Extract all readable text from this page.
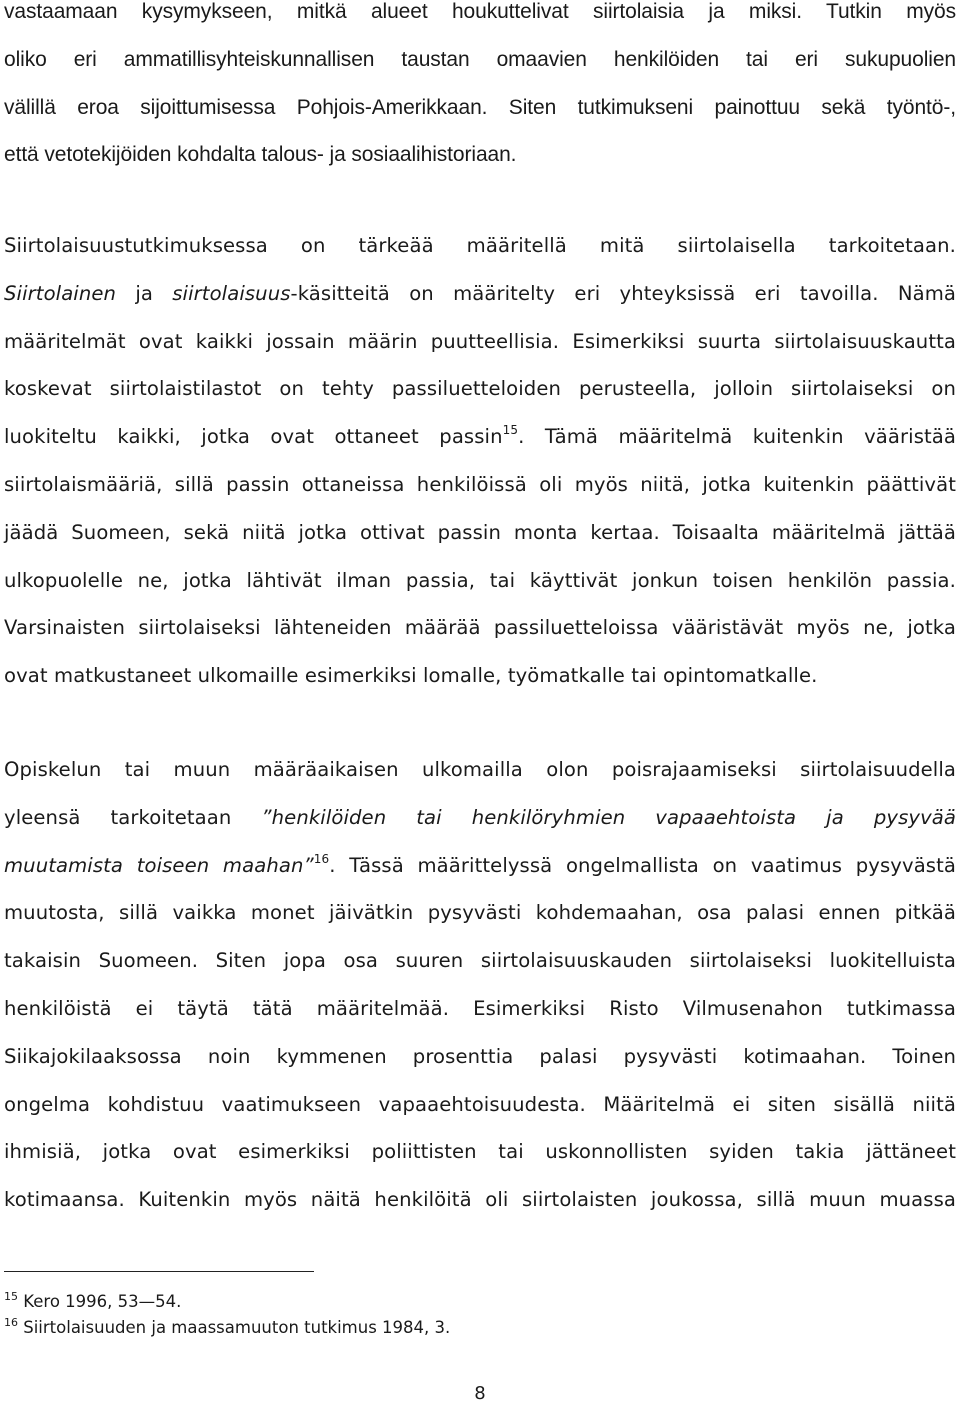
vastaamaan kysymykseen, mitkä alueet houkuttelivat siirtolaisia ja miksi. Tutkin myös
oliko eri ammatillisyhteiskunnallisen taustan omaavien henkilöiden tai eri sukupuolien
välillä eroa sijoittumisessa Pohjois-Amerikkaan. Siten tutkimukseni painottuu sekä työntö-,
että vetotekijöiden kohdalta talous- ja sosiaalihistoriaan.
Siirtolaisuustutkimuksessa on tärkeää määritellä mitä siirtolaisella tarkoitetaan.
Siirtolainen ja siirtolaisuus-käsitteitä on määritelty eri yhteyksissä eri tavoilla. Nämä
määritelmät ovat kaikki jossain määrin puutteellisia. Esimerkiksi suurta siirtolaisuuskautta
koskevat siirtolaistilastot on tehty passiluetteloiden perusteella, jolloin siirtolaiseksi on
luokiteltu kaikki, jotka ovat ottaneet passin$^{15}$. Tämä määritelmä kuitenkin vääristää
siirtolaismääriä, sillä passin ottaneissa henkilöissä oli myös niitä, jotka kuitenkin päättivät
jäädä Suomeen, sekä niitä jotka ottivat passin monta kertaa. Toisaalta määritelmä jättää
ulkopuolelle ne, jotka lähtivät ilman passia, tai käyttivät jonkun toisen henkilön passia.
Varsinaisten siirtolaiseksi lähteneiden määrää passiluetteloissa vääristävät myös ne, jotka
ovat matkustaneet ulkomaille esimerkiksi lomalle, työmatkalle tai opintomatkalle.
Opiskelun tai muun määräaikaisen ulkomailla olon poisrajaamiseksi siirtolaisuudella
yleensä tarkoitetaan ”henkilöiden tai henkilöryhmien vapaaehtoista ja pysyvää
muutamista toiseen maahan”$^{16}$. Tässä määrittelyssä ongelmallista on vaatimus pysyvästä
muutosta, sillä vaikka monet jäivätkin pysyvästi kohdemaahan, osa palasi ennen pitkää
takaisin Suomeen. Siten jopa osa suuren siirtolaisuuskauden siirtolaiseksi luokitelluista
henkilöistä ei täytä tätä määritelmää. Esimerkiksi Risto Vilmusenahon tutkimassa
Siikajokilaaksossa noin kymmenen prosenttia palasi pysyvästi kotimaahan. Toinen
ongelma kohdistuu vaatimukseen vapaaehtoisuudesta. Määritelmä ei siten sisällä niitä
ihmisiä, jotka ovat esimerkiksi poliittisten tai uskonnollisten syiden takia jättäneet
kotimaansa. Kuitenkin myös näitä henkilöitä oli siirtolaisten joukossa, sillä muun muassa
$^{15}$ Kero 1996, 53—54.
$^{16}$ Siirtolaisuuden ja maassamuuton tutkimus 1984, 3.
8
